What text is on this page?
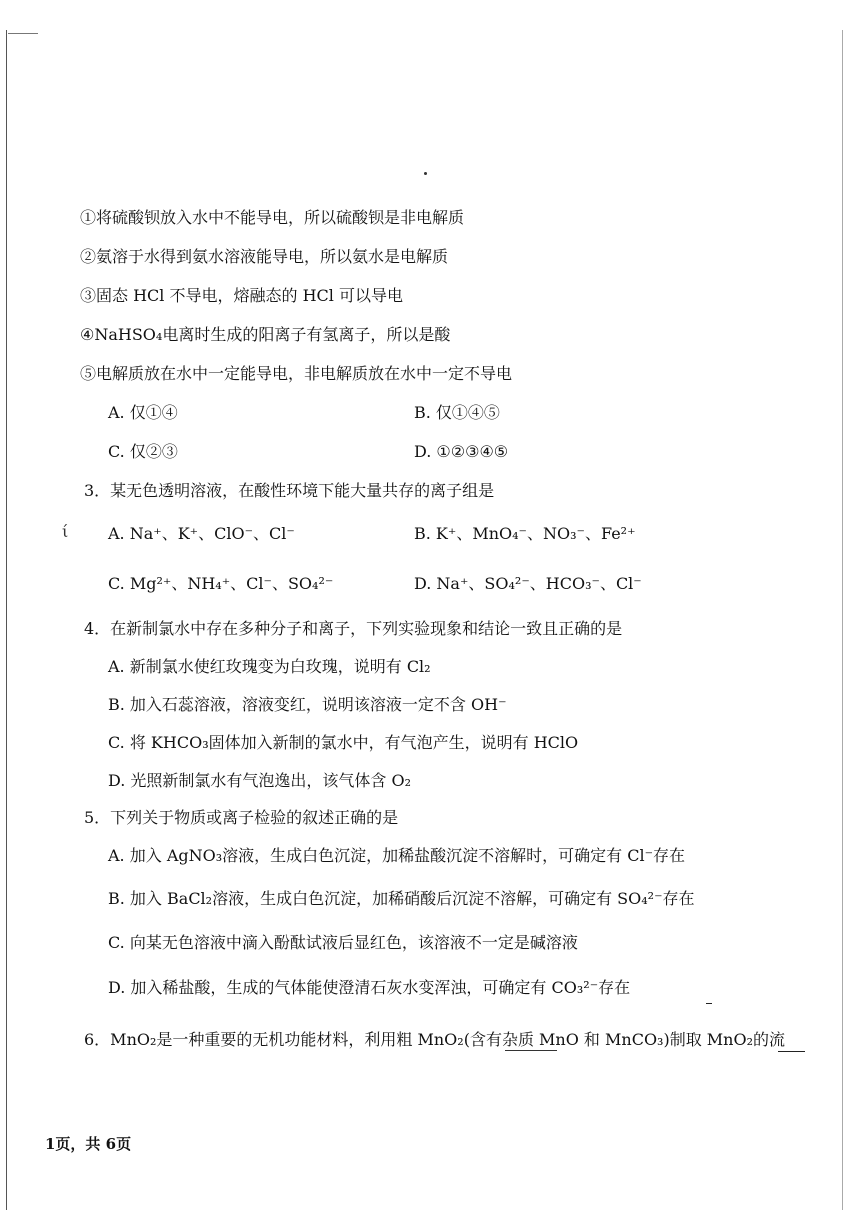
①将硫酸钡放入水中不能导电，所以硫酸钡是非电解质
②氨溶于水得到氨水溶液能导电，所以氨水是电解质
③固态 HCl 不导电，熔融态的 HCl 可以导电
④NaHSO₄电离时生成的阳离子有氢离子，所以是酸
⑤电解质放在水中一定能导电，非电解质放在水中一定不导电
A. 仅①④	B. 仅①④⑤
C. 仅②③	D. ①②③④⑤
3．某无色透明溶液，在酸性环境下能大量共存的离子组是
ί A. Na⁺、K⁺、ClO⁻、Cl⁻	B. K⁺、MnO₄⁻、NO₃⁻、Fe²⁺
C. Mg²⁺、NH₄⁺、Cl⁻、SO₄²⁻	D. Na⁺、SO₄²⁻、HCO₃⁻、Cl⁻
4．在新制氯水中存在多种分子和离子，下列实验现象和结论一致且正确的是
A. 新制氯水使红玫瑰变为白玫瑰，说明有 Cl₂
B. 加入石蕊溶液，溶液变红，说明该溶液一定不含 OH⁻
C. 将 KHCO₃固体加入新制的氯水中，有气泡产生，说明有 HClO
D. 光照新制氯水有气泡逸出，该气体含 O₂
5．下列关于物质或离子检验的叙述正确的是
A. 加入 AgNO₃溶液，生成白色沉淀，加稀盐酸沉淀不溶解时，可确定有 Cl⁻存在
B. 加入 BaCl₂溶液，生成白色沉淀，加稀硝酸后沉淀不溶解，可确定有 SO₄²⁻存在
C. 向某无色溶液中滴入酚酞试液后显红色，该溶液不一定是碱溶液
D. 加入稀盐酸，生成的气体能使澄清石灰水变浑浊，可确定有 CO₃²⁻存在
6．MnO₂是一种重要的无机功能材料，利用粗 MnO₂(含有杂质 MnO 和 MnCO₃)制取 MnO₂的流
1页，共 6页
